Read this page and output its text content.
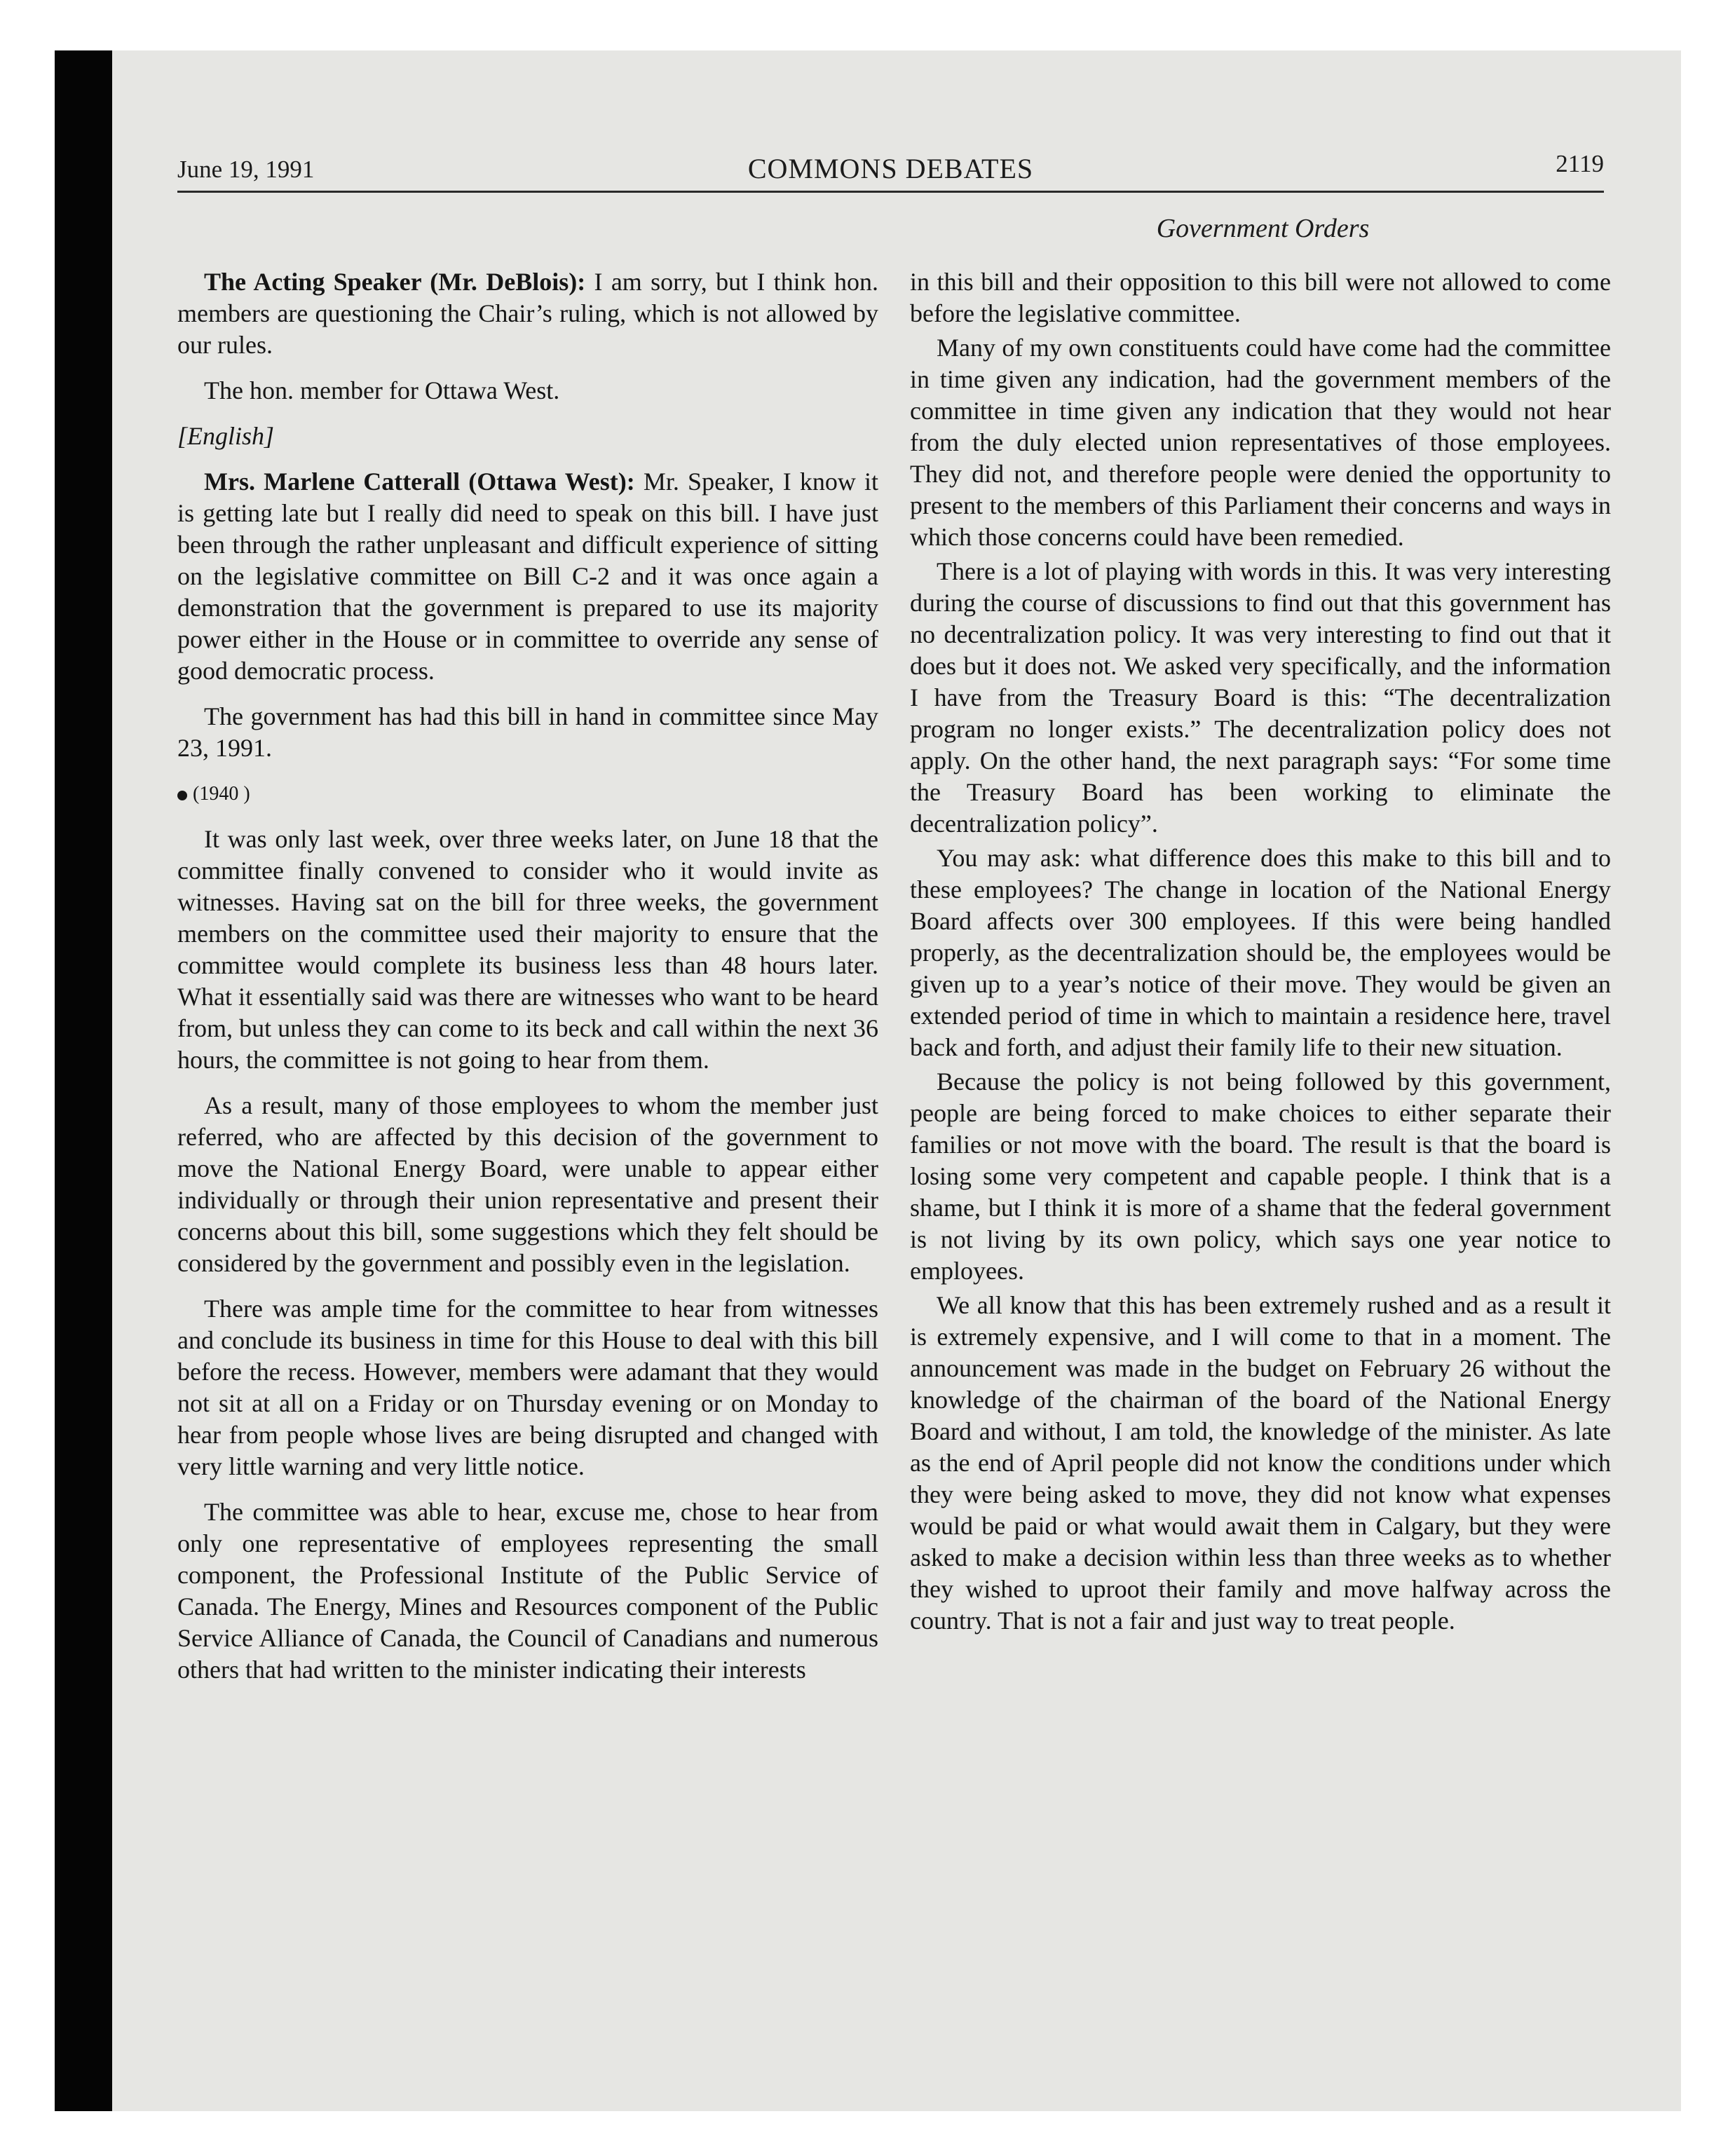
June 19, 1991	COMMONS DEBATES	2119
Government Orders

The Acting Speaker (Mr. DeBlois): I am sorry, but I think hon. members are questioning the Chair’s ruling, which is not allowed by our rules.

The hon. member for Ottawa West.

[English]

Mrs. Marlene Catterall (Ottawa West): Mr. Speaker, I know it is getting late but I really did need to speak on this bill. I have just been through the rather unpleasant and difficult experience of sitting on the legislative committee on Bill C-2 and it was once again a demonstration that the government is prepared to use its majority power either in the House or in committee to override any sense of good democratic process.

The government has had this bill in hand in committee since May 23, 1991.

(1940 )

It was only last week, over three weeks later, on June 18 that the committee finally convened to consider who it would invite as witnesses. Having sat on the bill for three weeks, the government members on the committee used their majority to ensure that the committee would complete its business less than 48 hours later. What it essentially said was there are witnesses who want to be heard from, but unless they can come to its beck and call within the next 36 hours, the committee is not going to hear from them.

As a result, many of those employees to whom the member just referred, who are affected by this decision of the government to move the National Energy Board, were unable to appear either individually or through their union representative and present their concerns about this bill, some suggestions which they felt should be considered by the government and possibly even in the legislation.

There was ample time for the committee to hear from witnesses and conclude its business in time for this House to deal with this bill before the recess. However, members were adamant that they would not sit at all on a Friday or on Thursday evening or on Monday to hear from people whose lives are being disrupted and changed with very little warning and very little notice.

The committee was able to hear, excuse me, chose to hear from only one representative of employees representing the small component, the Professional Institute of the Public Service of Canada. The Energy, Mines and Resources component of the Public Service Alliance of Canada, the Council of Canadians and numerous others that had written to the minister indicating their interests

in this bill and their opposition to this bill were not allowed to come before the legislative committee.

Many of my own constituents could have come had the committee in time given any indication, had the government members of the committee in time given any indication that they would not hear from the duly elected union representatives of those employees. They did not, and therefore people were denied the opportunity to present to the members of this Parliament their concerns and ways in which those concerns could have been remedied.

There is a lot of playing with words in this. It was very interesting during the course of discussions to find out that this government has no decentralization policy. It was very interesting to find out that it does but it does not. We asked very specifically, and the information I have from the Treasury Board is this: “The decentralization program no longer exists.” The decentralization policy does not apply. On the other hand, the next paragraph says: “For some time the Treasury Board has been working to eliminate the decentralization policy”.

You may ask: what difference does this make to this bill and to these employees? The change in location of the National Energy Board affects over 300 employees. If this were being handled properly, as the decentralization should be, the employees would be given up to a year’s notice of their move. They would be given an extended period of time in which to maintain a residence here, travel back and forth, and adjust their family life to their new situation.

Because the policy is not being followed by this government, people are being forced to make choices to either separate their families or not move with the board. The result is that the board is losing some very competent and capable people. I think that is a shame, but I think it is more of a shame that the federal government is not living by its own policy, which says one year notice to employees.

We all know that this has been extremely rushed and as a result it is extremely expensive, and I will come to that in a moment. The announcement was made in the budget on February 26 without the knowledge of the chairman of the board of the National Energy Board and without, I am told, the knowledge of the minister. As late as the end of April people did not know the conditions under which they were being asked to move, they did not know what expenses would be paid or what would await them in Calgary, but they were asked to make a decision within less than three weeks as to whether they wished to uproot their family and move halfway across the country. That is not a fair and just way to treat people.
